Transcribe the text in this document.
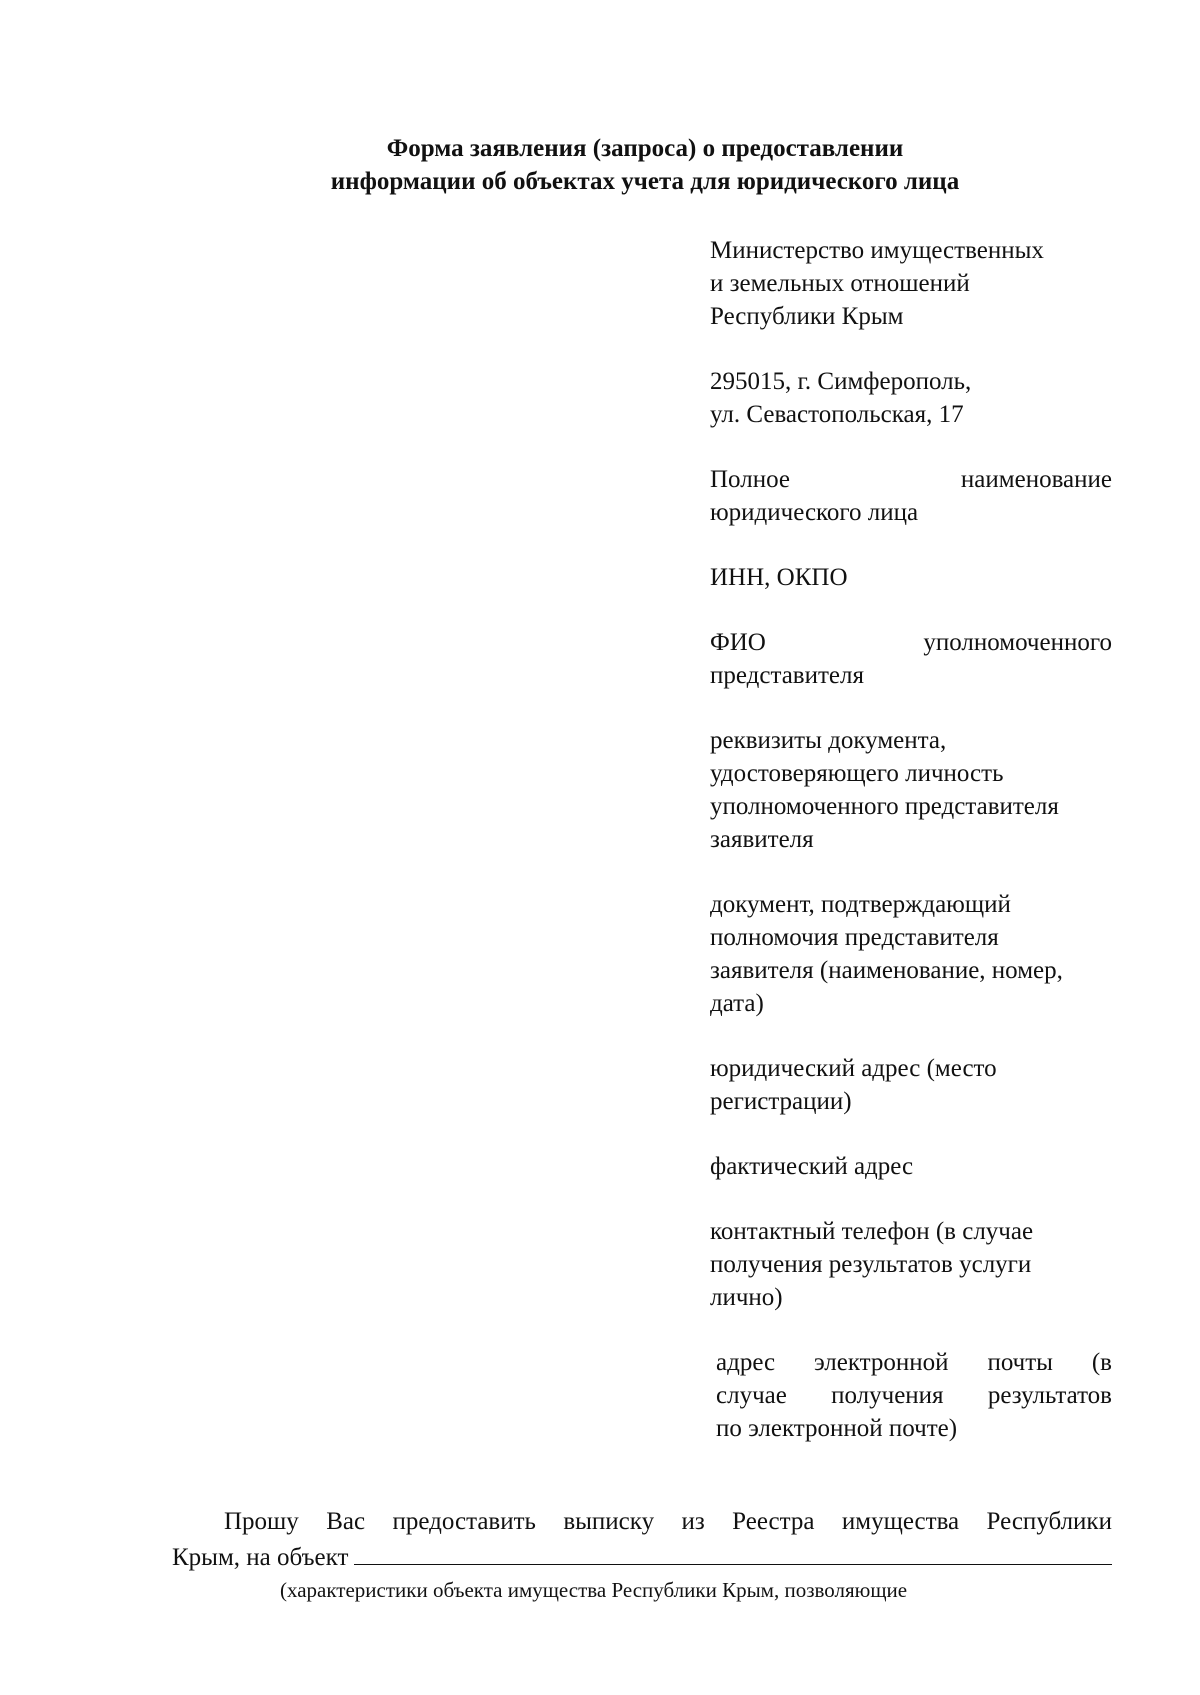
Форма заявления (запроса) о предоставлении
информации об объектах учета для юридического лица
Министерство имущественных
и земельных отношений
Республики Крым
295015, г. Симферополь,
ул. Севастопольская, 17
Полное	наименование
юридического лица
ИНН, ОКПО
ФИО	уполномоченного
представителя
реквизиты документа,
удостоверяющего личность
уполномоченного представителя
заявителя
документ, подтверждающий
полномочия представителя
заявителя (наименование, номер,
дата)
юридический адрес (место
регистрации)
фактический адрес
контактный телефон (в случае
получения результатов услуги
лично)
адрес электронной почты (в
случае получения результатов
по электронной почте)
Прошу Вас предоставить выписку из Реестра имущества Республики
Крым, на объект
(характеристики объекта имущества Республики Крым, позволяющие
